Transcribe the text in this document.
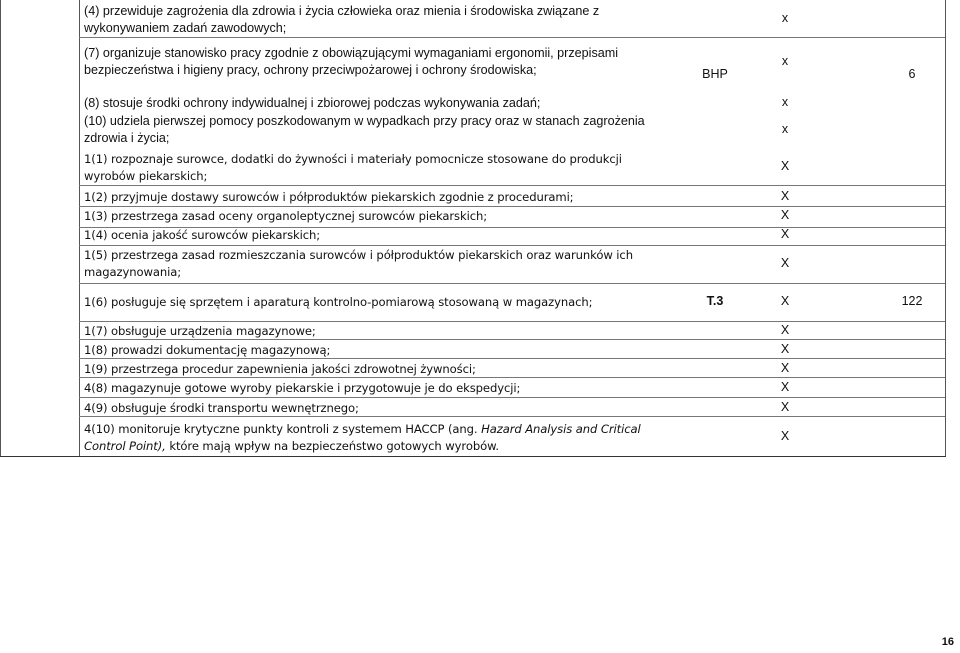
(4) przewiduje zagrożenia dla zdrowia i życia człowieka oraz mienia i środowiska związane z wykonywaniem zadań zawodowych;
(7) organizuje stanowisko pracy zgodnie z obowiązującymi wymaganiami ergonomii, przepisami bezpieczeństwa i higieny pracy, ochrony przeciwpożarowej i ochrony środowiska;
(8) stosuje środki ochrony indywidualnej i zbiorowej podczas wykonywania zadań;
(10) udziela pierwszej pomocy poszkodowanym w wypadkach przy pracy oraz w stanach zagrożenia zdrowia i życia;
1(1) rozpoznaje surowce, dodatki do żywności i materiały pomocnicze stosowane do produkcji wyrobów piekarskich;
1(2) przyjmuje dostawy surowców i półproduktów piekarskich zgodnie z procedurami;
1(3) przestrzega zasad oceny organoleptycznej surowców piekarskich;
1(4) ocenia jakość surowców piekarskich;
1(5) przestrzega zasad rozmieszczania surowców i półproduktów piekarskich oraz warunków ich magazynowania;
1(6) posługuje się sprzętem i aparaturą kontrolno-pomiarową stosowaną w magazynach;
1(7) obsługuje urządzenia magazynowe;
1(8) prowadzi dokumentację magazynową;
1(9) przestrzega procedur zapewnienia jakości zdrowotnej żywności;
4(8) magazynuje gotowe wyroby piekarskie i przygotowuje je do ekspedycji;
4(9) obsługuje środki transportu wewnętrznego;
4(10) monitoruje krytyczne punkty kontroli z systemem HACCP (ang. Hazard Analysis and Critical Control Point), które mają wpływ na bezpieczeństwo gotowych wyrobów.
x
x
x
x
X
X
X
X
X
X
X
X
X
X
X
X
BHP	6
T.3	122
16
